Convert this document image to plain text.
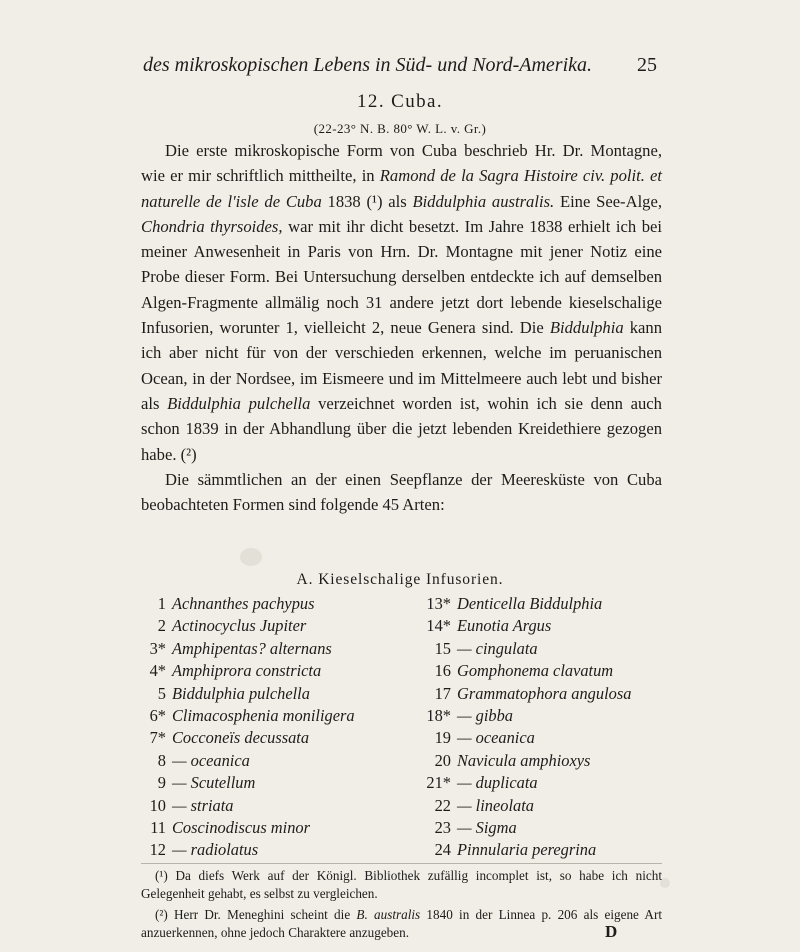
des mikroskopischen Lebens in Süd- und Nord-Amerika. 25
12. Cuba.
(22-23° N. B. 80° W. L. v. Gr.)

Die erste mikroskopische Form von Cuba beschrieb Hr. Dr. Montagne, wie er mir schriftlich mittheilte, in Ramond de la Sagra Histoire civ. polit. et naturelle de l'isle de Cuba 1838 (¹) als Biddulphia australis. Eine See-Alge, Chondria thyrsoides, war mit ihr dicht besetzt. Im Jahre 1838 erhielt ich bei meiner Anwesenheit in Paris von Hrn. Dr. Montagne mit jener Notiz eine Probe dieser Form. Bei Untersuchung derselben entdeckte ich auf demselben Algen-Fragmente allmälig noch 31 andere jetzt dort lebende kieselschalige Infusorien, worunter 1, vielleicht 2, neue Genera sind. Die Biddulphia kann ich aber nicht für von der verschieden erkennen, welche im peruanischen Ocean, in der Nordsee, im Eismeere und im Mittelmeere auch lebt und bisher als Biddulphia pulchella verzeichnet worden ist, wohin ich sie denn auch schon 1839 in der Abhandlung über die jetzt lebenden Kreidethiere gezogen habe. (²)

Die sämmtlichen an der einen Seepflanze der Meeresküste von Cuba beobachteten Formen sind folgende 45 Arten:

A. Kieselschalige Infusorien.
1 Achnanthes pachypus
2 Actinocyclus Jupiter
3* Amphipentas? alternans
4* Amphiprora constricta
5 Biddulphia pulchella
6* Climacosphenia moniligera
7* Cocconeïs decussata
8 — oceanica
9 — Scutellum
10 — striata
11 Coscinodiscus minor
12 — radiolatus
13* Denticella Biddulphia
14* Eunotia Argus
15 — cingulata
16 Gomphonema clavatum
17 Grammatophora angulosa
18* — gibba
19 — oceanica
20 Navicula amphioxys
21* — duplicata
22 — lineolata
23 — Sigma
24 Pinnularia peregrina

(¹) Da diefs Werk auf der Königl. Bibliothek zufällig incomplet ist, so habe ich nicht Gelegenheit gehabt, es selbst zu vergleichen.

(²) Herr Dr. Meneghini scheint die B. australis 1840 in der Linnea p. 206 als eigene Art anzuerkennen, ohne jedoch Charaktere anzugeben.	D
